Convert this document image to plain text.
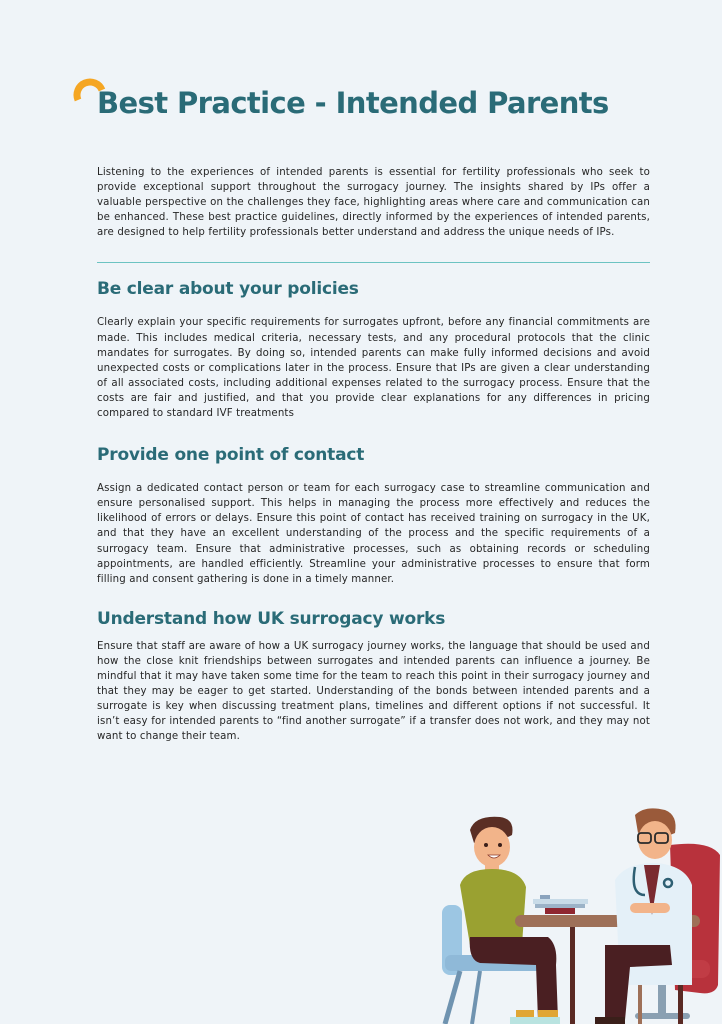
Best Practice - Intended Parents

Listening to the experiences of intended parents is essential for fertility professionals who seek to provide exceptional support throughout the surrogacy journey. The insights shared by IPs offer a valuable perspective on the challenges they face, highlighting areas where care and communication can be enhanced. These best practice guidelines, directly informed by the experiences of intended parents, are designed to help fertility professionals better understand and address the unique needs of IPs.

Be clear about your policies

Clearly explain your specific requirements for surrogates upfront, before any financial commitments are made. This includes medical criteria, necessary tests, and any procedural protocols that the clinic mandates for surrogates. By doing so, intended parents can make fully informed decisions and avoid unexpected costs or complications later in the process. Ensure that IPs are given a clear understanding of all associated costs, including additional expenses related to the surrogacy process. Ensure that the costs are fair and justified, and that you provide clear explanations for any differences in pricing compared to standard IVF treatments

Provide one point of contact

Assign a dedicated contact person or team for each surrogacy case to streamline communication and ensure personalised support. This helps in managing the process more effectively and reduces the likelihood of errors or delays. Ensure this point of contact has received training on surrogacy in the UK, and that they have an excellent understanding of the process and the specific requirements of a surrogacy team. Ensure that administrative processes, such as obtaining records or scheduling appointments, are handled efficiently. Streamline your administrative processes to ensure that form filling and consent gathering is done in a timely manner.

Understand how UK surrogacy works

Ensure that staff are aware of how a UK surrogacy journey works, the language that should be used and how the close knit friendships between surrogates and intended parents can influence a journey. Be mindful that it may have taken some time for the team to reach this point in their surrogacy journey and that they may be eager to get started. Understanding of the bonds between intended parents and a surrogate is key when discussing treatment plans, timelines and different options if not successful. It isn’t easy for intended parents to “find another surrogate” if a transfer does not work, and they may not want to change their team.
